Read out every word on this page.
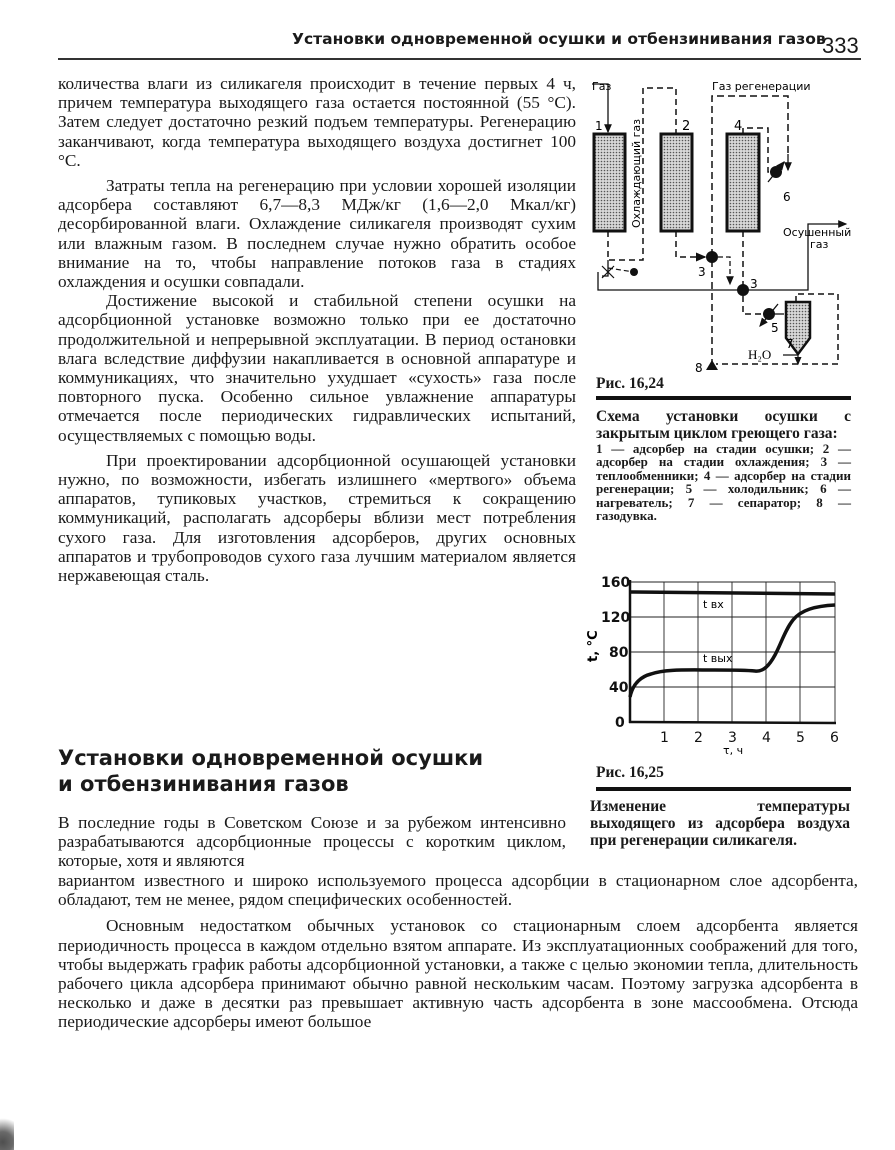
Установки одновременной осушки и отбензинивания газов
333

количества влаги из силикагеля происходит в течение первых 4 ч, причем температура выходящего газа остается постоянной (55 °С). Затем следует достаточно резкий подъем температуры. Регенерацию заканчивают, когда температура выходящего воздуха достигнет 100 °С.

Затраты тепла на регенерацию при условии хорошей изоляции адсорбера составляют 6,7—8,3 МДж/кг (1,6—2,0 Мкал/кг) десорбированной влаги. Охлаждение силикагеля производят сухим или влажным газом. В последнем случае нужно обратить особое внимание на то, чтобы направление потоков газа в стадиях охлаждения и осушки совпадали.

Достижение высокой и стабильной степени осушки на адсорбционной установке возможно только при ее достаточно продолжительной и непрерывной эксплуатации. В период остановки влага вследствие диффузии накапливается в основной аппаратуре и коммуникациях, что значительно ухудшает «сухость» газа после повторного пуска. Особенно сильное увлажнение аппаратуры отмечается после периодических гидравлических испытаний, осуществляемых с помощью воды.

При проектировании адсорбционной осушающей установки нужно, по возможности, избегать излишнего «мертвого» объема аппаратов, тупиковых участков, стремиться к сокращению коммуникаций, располагать адсорберы вблизи мест потребления сухого газа. Для изготовления адсорберов, других основных аппаратов и трубопроводов сухого газа лучшим материалом является нержавеющая сталь.

Установки одновременной осушки
и отбензинивания газов

В последние годы в Советском Союзе и за рубежом интенсивно разрабатываются адсорбционные процессы с коротким циклом, которые, хотя и являются

вариантом известного и широко используемого процесса адсорбции в стационарном слое адсорбента, обладают, тем не менее, рядом специфических особенностей.

Основным недостатком обычных установок со стационарным слоем адсорбента является периодичность процесса в каждом отдельно взятом аппарате. Из эксплуатационных соображений для того, чтобы выдержать график работы адсорбционной установки, а также с целью экономии тепла, длительность рабочего цикла адсорбера принимают обычно равной нескольким часам. Поэтому загрузка адсорбента в несколько и даже в десятки раз превышает активную часть адсорбента в зоне массообмена. Отсюда периодические адсорберы имеют большое

Газ	Газ регенерации
Охлаждающий газ
Осушенный
газ
H₂O
1	2
3
3
4
5
6
7
8
Рис. 16,24
Схема установки осушки с закрытым циклом греющего газа:
1 — адсорбер на стадии осушки; 2 — адсорбер на стадии охлаждения; 3 — теплообменники; 4 — адсорбер на стадии регенерации; 5 — холодильник; 6 — нагреватель; 7 — сепаратор; 8 — газодувка.
160
120
80
40
0
1 2 3 4 5 6
τ, ч
t, °C
t вх
t вых
Рис. 16,25
Изменение температуры выходящего из адсорбера воздуха при регенерации силикагеля.
